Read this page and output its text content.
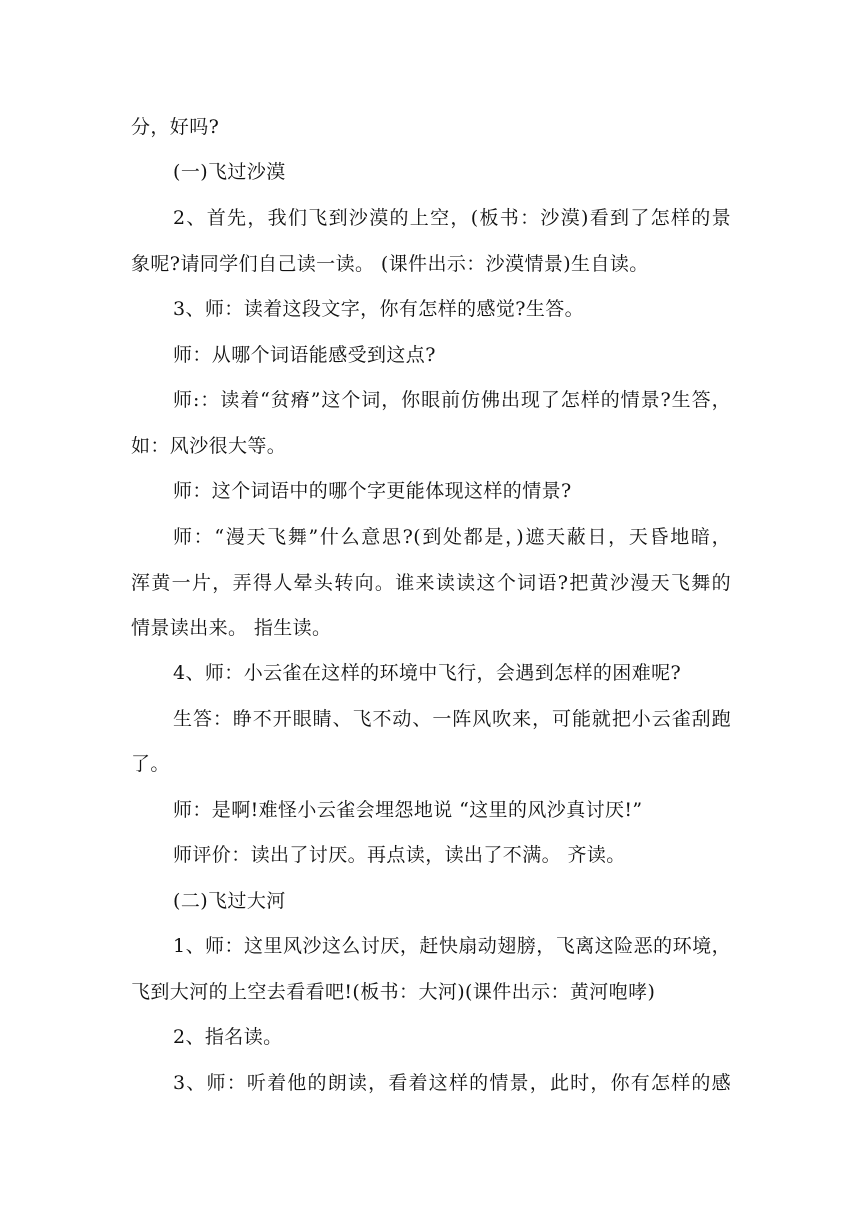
分，好吗?
(一)飞过沙漠
2、首先，我们飞到沙漠的上空，(板书：沙漠)看到了怎样的景
象呢?请同学们自己读一读。 (课件出示：沙漠情景)生自读。
3、师：读着这段文字，你有怎样的感觉?生答。
师：从哪个词语能感受到这点?
师:：读着“贫瘠”这个词，你眼前仿佛出现了怎样的情景?生答，
如：风沙很大等。
师：这个词语中的哪个字更能体现这样的情景?
师：“漫天飞舞”什么意思?(到处都是，)遮天蔽日，天昏地暗，
浑黄一片，弄得人晕头转向。谁来读读这个词语?把黄沙漫天飞舞的
情景读出来。 指生读。
4、师：小云雀在这样的环境中飞行，会遇到怎样的困难呢?
生答：睁不开眼睛、飞不动、一阵风吹来，可能就把小云雀刮跑
了。
师：是啊!难怪小云雀会埋怨地说 “这里的风沙真讨厌!”
师评价：读出了讨厌。再点读，读出了不满。 齐读。
(二)飞过大河
1、师：这里风沙这么讨厌，赶快扇动翅膀，飞离这险恶的环境，
飞到大河的上空去看看吧!(板书：大河)(课件出示：黄河咆哮)
2、指名读。
3、师：听着他的朗读，看着这样的情景，此时，你有怎样的感
